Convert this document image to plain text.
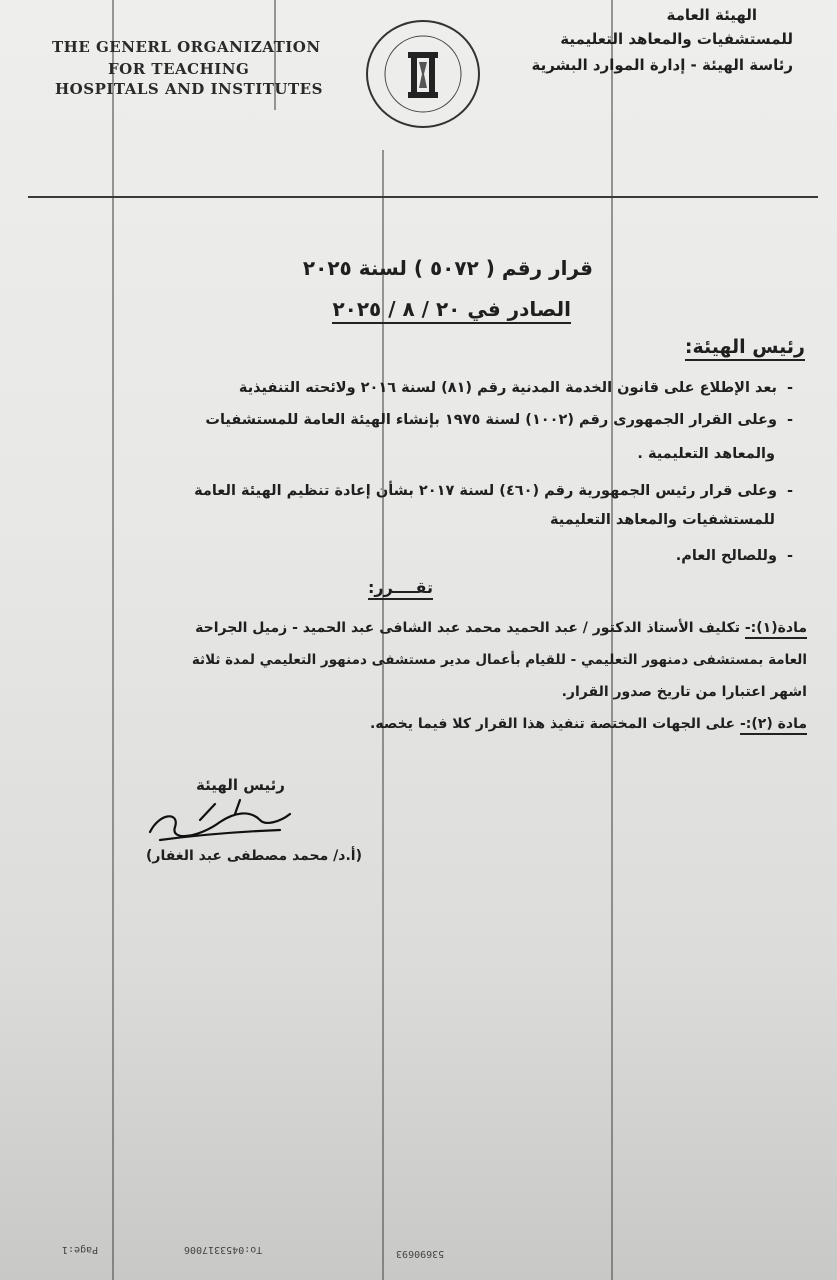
THE GENERL ORGANIZATION
FOR TEACHING
HOSPITALS AND INSTITUTES
الهيئة العامة
للمستشفيات والمعاهد التعليمية
رئاسة الهيئة - إدارة الموارد البشرية
قرار رقم ( ٥٠٧٢ ) لسنة ٢٠٢٥
الصادر في ٢٠ / ٨ / ٢٠٢٥
رئيس الهيئة:
- بعد الإطلاع على قانون الخدمة المدنية رقم (٨١) لسنة ٢٠١٦ ولائحته التنفيذية
- وعلى القرار الجمهورى رقم (١٠٠٢) لسنة ١٩٧٥ بإنشاء الهيئة العامة للمستشفيات
والمعاهد التعليمية .
- وعلى قرار رئيس الجمهورية رقم (٤٦٠) لسنة ٢٠١٧ بشأن إعادة تنظيم الهيئة العامة
للمستشفيات والمعاهد التعليمية
- وللصالح العام.
تقــــرر:
مادة(١):- تكليف الأستاذ الدكتور / عبد الحميد محمد عبد الشافى عبد الحميد - زميل الجراحة
العامة بمستشفى دمنهور التعليمي - للقيام بأعمال مدير مستشفى دمنهور التعليمي لمدة ثلاثة
اشهر اعتبارا من تاريخ صدور القرار.
مادة (٢):- على الجهات المختصة تنفيذ هذا القرار كلا فيما يخصه.
رئيس الهيئة
(أ.د/ محمد مصطفى عبد الغفار)
Page:1	To:0453317006	53690693
